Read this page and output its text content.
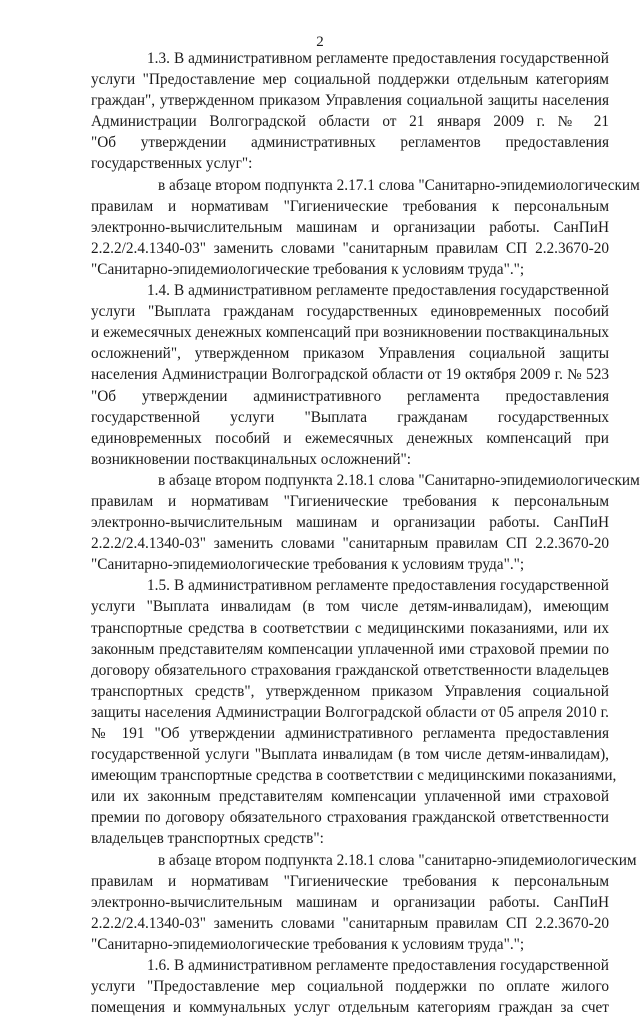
2
1.3. В административном регламенте предоставления государственной
услуги "Предоставление мер социальной поддержки отдельным категориям
граждан", утвержденном приказом Управления социальной защиты населения
Администрации Волгоградской области от 21 января 2009 г. № 21
"Об утверждении административных регламентов предоставления
государственных услуг":
в абзаце втором подпункта 2.17.1 слова "Санитарно-эпидемиологическим
правилам и нормативам "Гигиенические требования к персональным
электронно-вычислительным машинам и организации работы. СанПиН
2.2.2/2.4.1340-03" заменить словами "санитарным правилам СП 2.2.3670-20
"Санитарно-эпидемиологические требования к условиям труда".";
1.4. В административном регламенте предоставления государственной
услуги "Выплата гражданам государственных единовременных пособий
и ежемесячных денежных компенсаций при возникновении поствакцинальных
осложнений", утвержденном приказом Управления социальной защиты
населения Администрации Волгоградской области от 19 октября 2009 г. № 523
"Об утверждении административного регламента предоставления
государственной услуги "Выплата гражданам государственных
единовременных пособий и ежемесячных денежных компенсаций при
возникновении поствакцинальных осложнений":
в абзаце втором подпункта 2.18.1 слова "Санитарно-эпидемиологическим
правилам и нормативам "Гигиенические требования к персональным
электронно-вычислительным машинам и организации работы. СанПиН
2.2.2/2.4.1340-03" заменить словами "санитарным правилам СП 2.2.3670-20
"Санитарно-эпидемиологические требования к условиям труда".";
1.5. В административном регламенте предоставления государственной
услуги "Выплата инвалидам (в том числе детям-инвалидам), имеющим
транспортные средства в соответствии с медицинскими показаниями, или их
законным представителям компенсации уплаченной ими страховой премии по
договору обязательного страхования гражданской ответственности владельцев
транспортных средств", утвержденном приказом Управления социальной
защиты населения Администрации Волгоградской области от 05 апреля 2010 г.
№ 191 "Об утверждении административного регламента предоставления
государственной услуги "Выплата инвалидам (в том числе детям-инвалидам),
имеющим транспортные средства в соответствии с медицинскими показаниями,
или их законным представителям компенсации уплаченной ими страховой
премии по договору обязательного страхования гражданской ответственности
владельцев транспортных средств":
в абзаце втором подпункта 2.18.1 слова "санитарно-эпидемиологическим
правилам и нормативам "Гигиенические требования к персональным
электронно-вычислительным машинам и организации работы. СанПиН
2.2.2/2.4.1340-03" заменить словами "санитарным правилам СП 2.2.3670-20
"Санитарно-эпидемиологические требования к условиям труда".";
1.6. В административном регламенте предоставления государственной
услуги "Предоставление мер социальной поддержки по оплате жилого
помещения и коммунальных услуг отдельным категориям граждан за счет
